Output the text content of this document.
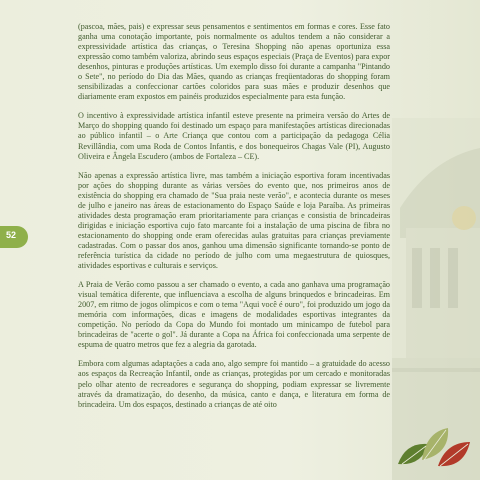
52

(pascoa, mães, pais) e expressar seus pensamentos e sentimentos em formas e cores. Esse fato ganha uma conotação importante, pois normalmente os adultos tendem a não considerar a expressividade artística das crianças, o Teresina Shopping não apenas oportuniza essa expressão como também valoriza, abrindo seus espaços especiais (Praça de Eventos) para expor desenhos, pinturas e produções artísticas. Um exemplo disso foi durante a campanha "Pintando o Sete", no período do Dia das Mães, quando as crianças freqüentadoras do shopping foram sensibilizadas a confeccionar cartões coloridos para suas mães e produzir desenhos que diariamente eram expostos em painéis produzidos especialmente para esta função.

O incentivo à expressividade artística infantil esteve presente na primeira versão do Artes de Março do shopping quando foi destinado um espaço para manifestações artísticas direcionadas ao público infantil – o Arte Criança que contou com a participação da pedagoga Célia Revillândia, com uma Roda de Contos Infantis, e dos bonequeiros Chagas Vale (PI), Augusto Oliveira e Ângela Escudero (ambos de Fortaleza – CE).

Não apenas a expressão artística livre, mas também a iniciação esportiva foram incentivadas por ações do shopping durante as várias versões do evento que, nos primeiros anos de existência do shopping era chamado de "Sua praia neste verão", e acontecia durante os meses de julho e janeiro nas áreas de estacionamento do Espaço Saúde e loja Paraíba. As primeiras atividades desta programação eram prioritariamente para crianças e consistia de brincadeiras dirigidas e iniciação esportiva cujo fato marcante foi a instalação de uma piscina de fibra no estacionamento do shopping onde eram oferecidas aulas gratuitas para crianças previamente cadastradas. Com o passar dos anos, ganhou uma dimensão significante tornando-se ponto de referência turística da cidade no período de julho com uma megaestrutura de quiosques, atividades esportivas e culturais e serviços.

A Praia de Verão como passou a ser chamado o evento, a cada ano ganhava uma programação visual temática diferente, que influenciava a escolha de alguns brinquedos e brincadeiras. Em 2007, em ritmo de jogos olímpicos e com o tema "Aqui você é ouro", foi produzido um jogo da memória com informações, dicas e imagens de modalidades esportivas integrantes da competição. No período da Copa do Mundo foi montado um minicampo de futebol para brincadeiras de "acerte o gol". Já durante a Copa na África foi confeccionada uma serpente de espuma de quatro metros que fez a alegria da garotada.

Embora com algumas adaptações a cada ano, algo sempre foi mantido – a gratuidade do acesso aos espaços da Recreação Infantil, onde as crianças, protegidas por um cercado e monitoradas pelo olhar atento de recreadores e segurança do shopping, podiam expressar se livremente através da dramatização, do desenho, da música, canto e dança, e literatura em forma de brincadeira. Um dos espaços, destinado a crianças de até oito
